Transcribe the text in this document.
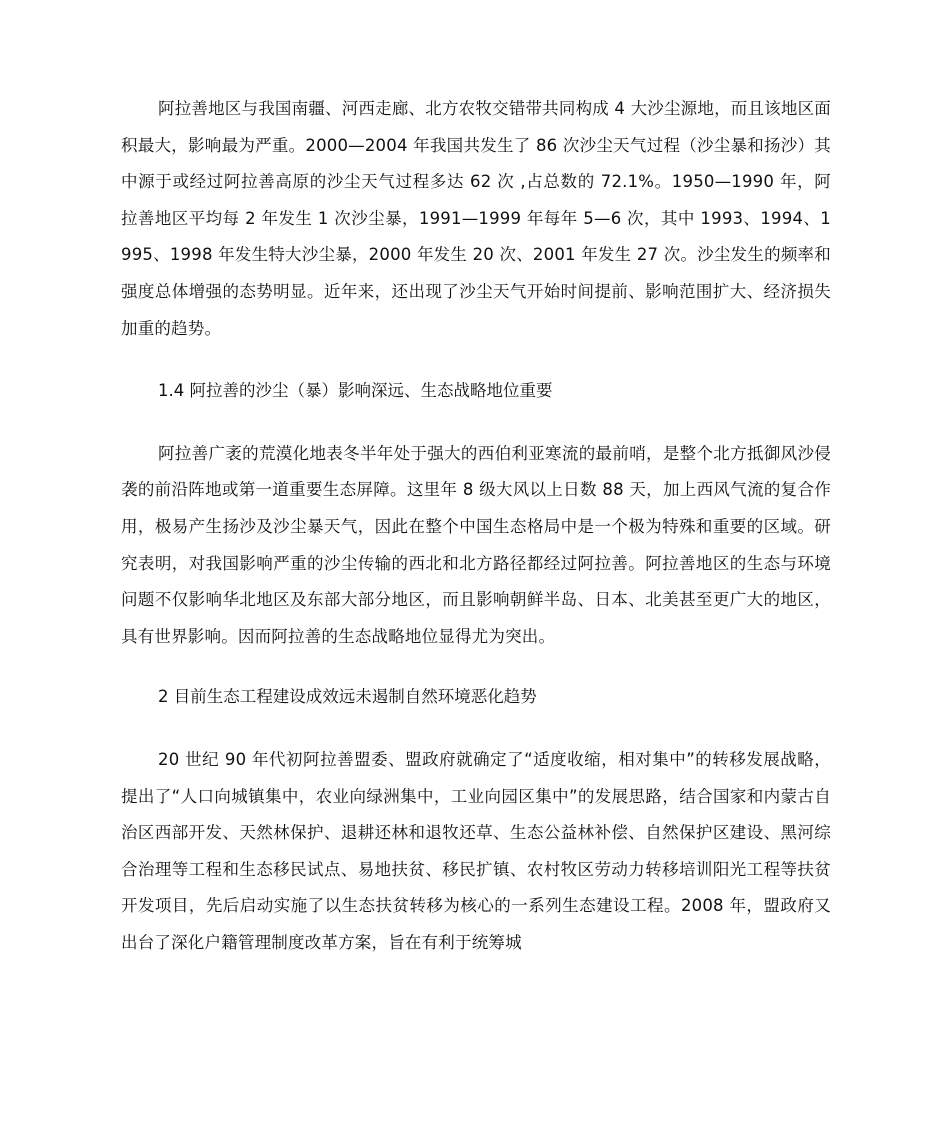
阿拉善地区与我国南疆、河西走廊、北方农牧交错带共同构成 4 大沙尘源地，而且该地区面积最大，影响最为严重。2000—2004 年我国共发生了 86 次沙尘天气过程（沙尘暴和扬沙）其中源于或经过阿拉善高原的沙尘天气过程多达 62 次 ,占总数的 72.1%。1950—1990 年，阿拉善地区平均每 2 年发生 1 次沙尘暴，1991—1999 年每年 5—6 次，其中 1993、1994、1995、1998 年发生特大沙尘暴，2000 年发生 20 次、2001 年发生 27 次。沙尘发生的频率和强度总体增强的态势明显。近年来，还出现了沙尘天气开始时间提前、影响范围扩大、经济损失加重的趋势。

1.4 阿拉善的沙尘（暴）影响深远、生态战略地位重要

阿拉善广袤的荒漠化地表冬半年处于强大的西伯利亚寒流的最前哨，是整个北方抵御风沙侵袭的前沿阵地或第一道重要生态屏障。这里年 8 级大风以上日数 88 天，加上西风气流的复合作用，极易产生扬沙及沙尘暴天气，因此在整个中国生态格局中是一个极为特殊和重要的区域。研究表明，对我国影响严重的沙尘传输的西北和北方路径都经过阿拉善。阿拉善地区的生态与环境问题不仅影响华北地区及东部大部分地区，而且影响朝鲜半岛、日本、北美甚至更广大的地区，具有世界影响。因而阿拉善的生态战略地位显得尤为突出。

2 目前生态工程建设成效远未遏制自然环境恶化趋势

20 世纪 90 年代初阿拉善盟委、盟政府就确定了“适度收缩，相对集中”的转移发展战略，提出了“人口向城镇集中，农业向绿洲集中，工业向园区集中”的发展思路，结合国家和内蒙古自治区西部开发、天然林保护、退耕还林和退牧还草、生态公益林补偿、自然保护区建设、黑河综合治理等工程和生态移民试点、易地扶贫、移民扩镇、农村牧区劳动力转移培训阳光工程等扶贫开发项目，先后启动实施了以生态扶贫转移为核心的一系列生态建设工程。2008 年，盟政府又出台了深化户籍管理制度改革方案，旨在有利于统筹城
